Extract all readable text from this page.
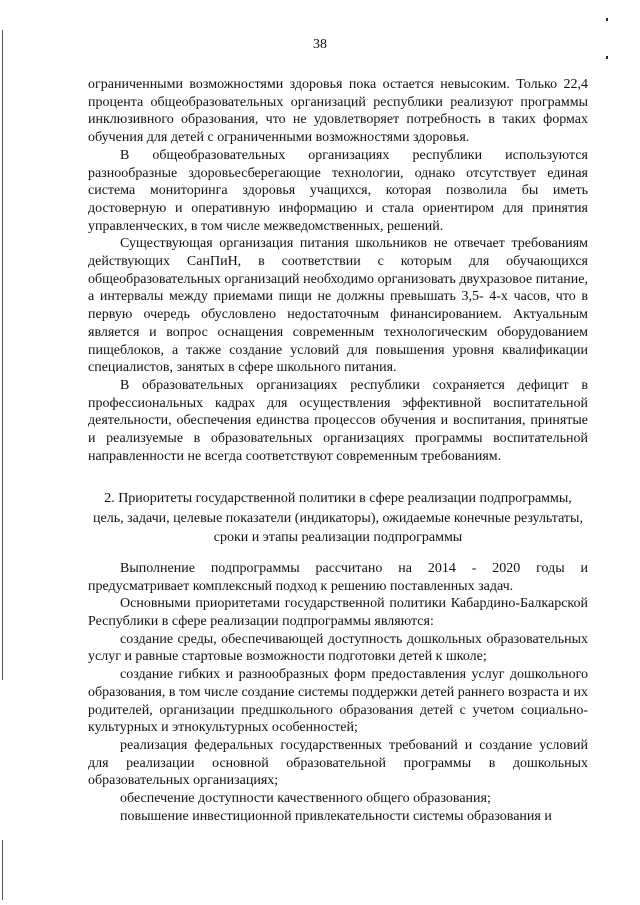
38

ограниченными возможностями здоровья пока остается невысоким. Только 22,4 процента общеобразовательных организаций республики реализуют программы инклюзивного образования, что не удовлетворяет потребность в таких формах обучения для детей с ограниченными возможностями здоровья.

В общеобразовательных организациях республики используются разнообразные здоровьесберегающие технологии, однако отсутствует единая система мониторинга здоровья учащихся, которая позволила бы иметь достоверную и оперативную информацию и стала ориентиром для принятия управленческих, в том числе межведомственных, решений.

Существующая организация питания школьников не отвечает требованиям действующих СанПиН, в соответствии с которым для обучающихся общеобразовательных организаций необходимо организовать двухразовое питание, а интервалы между приемами пищи не должны превышать 3,5- 4-х часов, что в первую очередь обусловлено недостаточным финансированием. Актуальным является и вопрос оснащения современным технологическим оборудованием пищеблоков, а также создание условий для повышения уровня квалификации специалистов, занятых в сфере школьного питания.

В образовательных организациях республики сохраняется дефицит в профессиональных кадрах для осуществления эффективной воспитательной деятельности, обеспечения единства процессов обучения и воспитания, принятые и реализуемые в образовательных организациях программы воспитательной направленности не всегда соответствуют современным требованиям.

2. Приоритеты государственной политики в сфере реализации подпрограммы,
цель, задачи, целевые показатели (индикаторы), ожидаемые конечные результаты,
сроки и этапы реализации подпрограммы

Выполнение подпрограммы рассчитано на 2014 - 2020 годы и предусматривает комплексный подход к решению поставленных задач.

Основными приоритетами государственной политики Кабардино-Балкарской Республики в сфере реализации подпрограммы являются:

создание среды, обеспечивающей доступность дошкольных образовательных услуг и равные стартовые возможности подготовки детей к школе;

создание гибких и разнообразных форм предоставления услуг дошкольного образования, в том числе создание системы поддержки детей раннего возраста и их родителей, организации предшкольного образования детей с учетом социально-культурных и этнокультурных особенностей;

реализация федеральных государственных требований и создание условий для реализации основной образовательной программы в дошкольных образовательных организациях;

обеспечение доступности качественного общего образования;

повышение инвестиционной привлекательности системы образования и
